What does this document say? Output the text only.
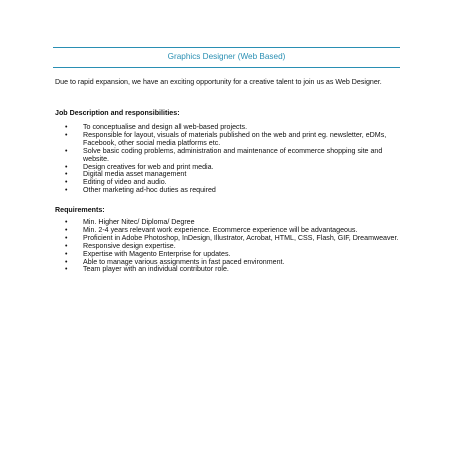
Graphics Designer (Web Based)

Due to rapid expansion, we have an exciting opportunity for a creative talent to join us as Web Designer.

Job Description and responsibilities:

• To conceptualise and design all web-based projects.
• Responsible for layout, visuals of materials published on the web and print eg. newsletter, eDMs, Facebook, other social media platforms etc.
• Solve basic coding problems, administration and maintenance of ecommerce shopping site and website.
• Design creatives for web and print media.
• Digital media asset management
• Editing of video and audio.
• Other marketing ad-hoc duties as required

Requirements:

• Min. Higher Nitec/ Diploma/ Degree
• Min. 2-4 years relevant work experience. Ecommerce experience will be advantageous.
• Proficient in Adobe Photoshop, InDesign, Illustrator, Acrobat, HTML, CSS, Flash, GIF, Dreamweaver.
• Responsive design expertise.
• Expertise with Magento Enterprise for updates.
• Able to manage various assignments in fast paced environment.
• Team player with an individual contributor role.
